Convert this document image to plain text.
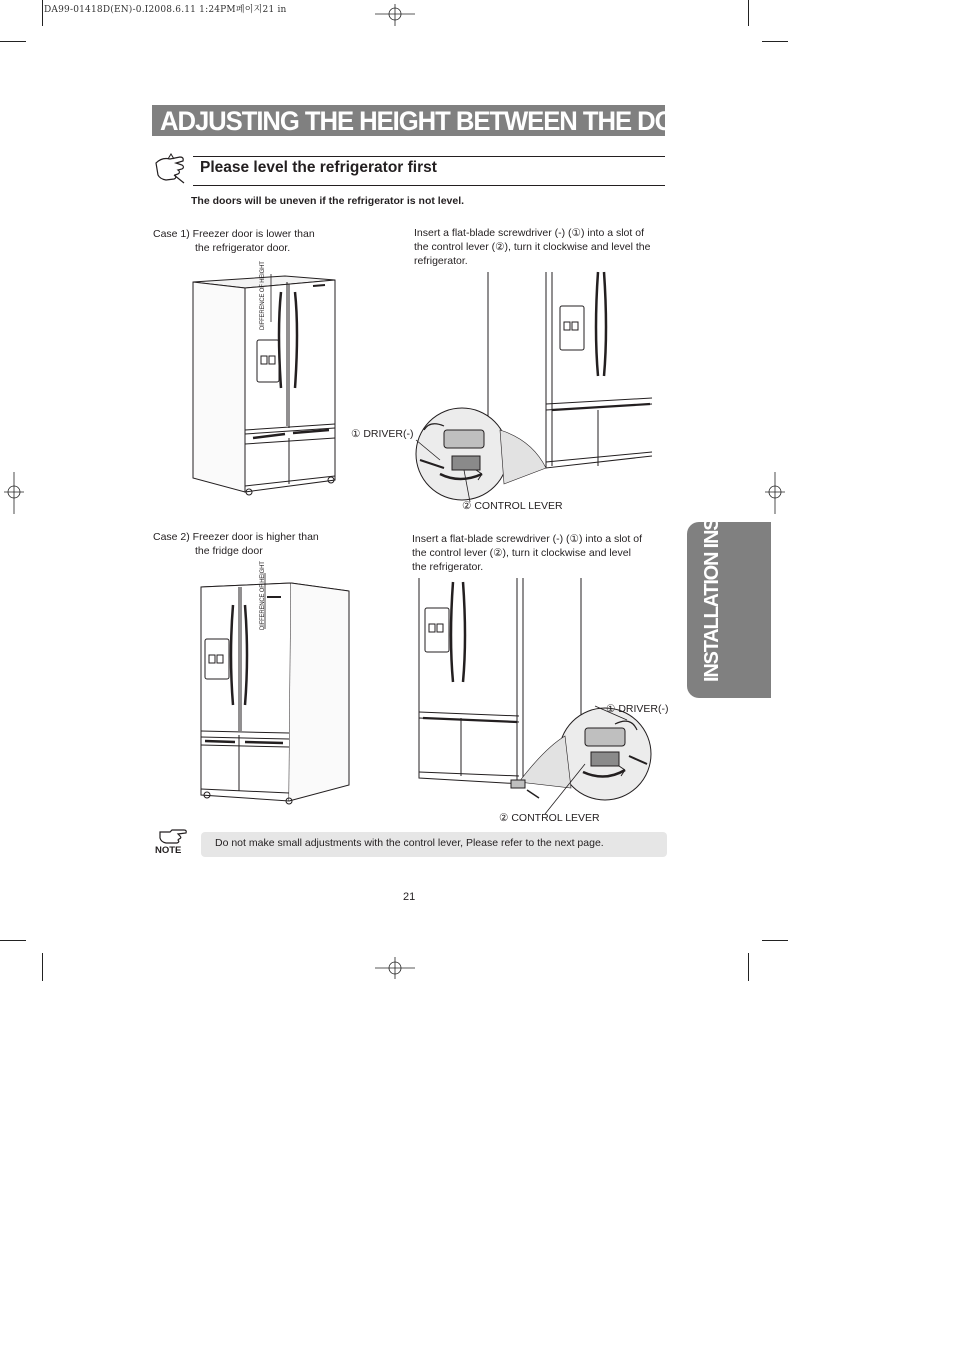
DA99-01418D(EN)-0.I2008.6.11 1:24PM페이지21 in
ADJUSTING THE HEIGHT BETWEEN THE DOORS
Please level the refrigerator first
The doors will be uneven if the refrigerator is not level.
Case 1) Freezer door is lower than
the refrigerator door.
Insert a flat-blade screwdriver (-) (①) into a slot of
the control lever (②), turn it clockwise and level the
refrigerator.
DIFFERENCE OF HEIGHT
① DRIVER(-)
② CONTROL LEVER
Case 2) Freezer door is higher than
the fridge door
Insert a flat-blade screwdriver (-) (①) into a slot of
the control lever (②), turn it clockwise and level
the refrigerator.
DIFFERENCE OF HEIGHT
① DRIVER(-)
② CONTROL LEVER
INSTALLATION INSTRUCTIONS
NOTE
Do not make small adjustments with the control lever, Please refer to the next page.
21
